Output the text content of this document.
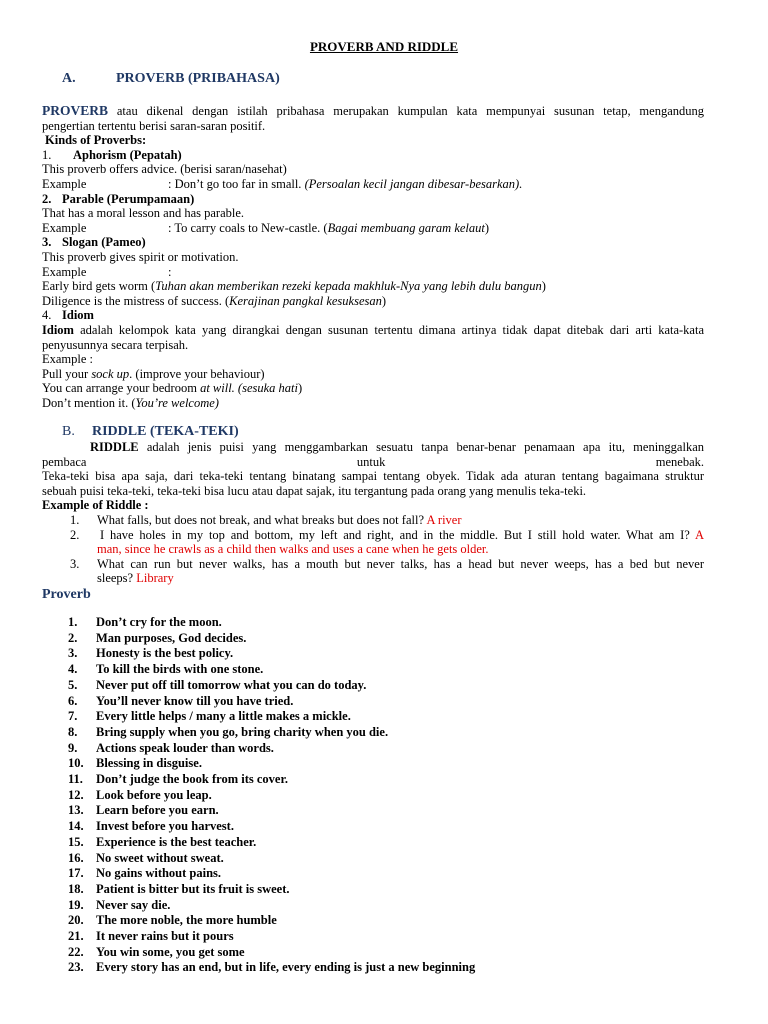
PROVERB AND RIDDLE
A.	PROVERB (PRIBAHASA)
PROVERB atau dikenal dengan istilah pribahasa merupakan kumpulan kata mempunyai susunan tetap, mengandung
pengertian tertentu berisi saran-saran positif.
Kinds of Proverbs:
1. Aphorism (Pepatah)
This proverb offers advice. (berisi saran/nasehat)
Example	: Don’t go too far in small. (Persoalan kecil jangan dibesar-besarkan).
2. Parable (Perumpamaan)
That has a moral lesson and has parable.
Example	: To carry coals to New-castle. (Bagai membuang garam kelaut)
3. Slogan (Pameo)
This proverb gives spirit or motivation.
Example	:
Early bird gets worm (Tuhan akan memberikan rezeki kepada makhluk-Nya yang lebih dulu bangun)
Diligence is the mistress of success. (Kerajinan pangkal kesuksesan)
4. Idiom
Idiom adalah kelompok kata yang dirangkai dengan susunan tertentu dimana artinya tidak dapat ditebak dari arti kata-kata
penyusunnya secara terpisah.
Example :
Pull your sock up. (improve your behaviour)
You can arrange your bedroom at will. (sesuka hati)
Don’t mention it. (You’re welcome)
B. RIDDLE (TEKA-TEKI)
RIDDLE adalah jenis puisi yang menggambarkan sesuatu tanpa benar-benar penamaan apa itu, meninggalkan
pembaca	untuk	menebak.
Teka-teki bisa apa saja, dari teka-teki tentang binatang sampai tentang obyek. Tidak ada aturan tentang bagaimana struktur
sebuah puisi teka-teki, teka-teki bisa lucu atau dapat sajak, itu tergantung pada orang yang menulis teka-teki.
Example of Riddle :
1. What falls, but does not break, and what breaks but does not fall? A river
2. I have holes in my top and bottom, my left and right, and in the middle. But I still hold water. What am I? A
man, since he crawls as a child then walks and uses a cane when he gets older.
3. What can run but never walks, has a mouth but never talks, has a head but never weeps, has a bed but never
sleeps? Library
Proverb
1. Don’t cry for the moon.
2. Man purposes, God decides.
3. Honesty is the best policy.
4. To kill the birds with one stone.
5. Never put off till tomorrow what you can do today.
6. You’ll never know till you have tried.
7. Every little helps / many a little makes a mickle.
8. Bring supply when you go, bring charity when you die.
9. Actions speak louder than words.
10. Blessing in disguise.
11. Don’t judge the book from its cover.
12. Look before you leap.
13. Learn before you earn.
14. Invest before you harvest.
15. Experience is the best teacher.
16. No sweet without sweat.
17. No gains without pains.
18. Patient is bitter but its fruit is sweet.
19. Never say die.
20. The more noble, the more humble
21. It never rains but it pours
22. You win some, you get some
23. Every story has an end, but in life, every ending is just a new beginning
